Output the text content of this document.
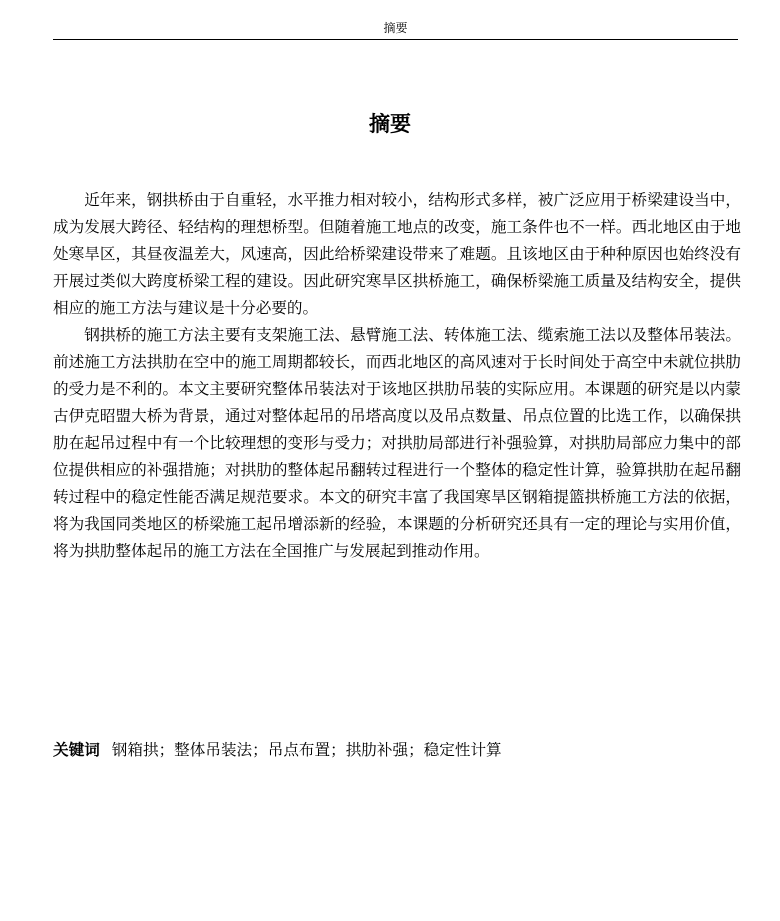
摘要
摘要

近年来，钢拱桥由于自重轻，水平推力相对较小，结构形式多样，被广泛应用于桥梁建设当中，成为发展大跨径、轻结构的理想桥型。但随着施工地点的改变，施工条件也不一样。西北地区由于地处寒旱区，其昼夜温差大，风速高，因此给桥梁建设带来了难题。且该地区由于种种原因也始终没有开展过类似大跨度桥梁工程的建设。因此研究寒旱区拱桥施工，确保桥梁施工质量及结构安全，提供相应的施工方法与建议是十分必要的。

钢拱桥的施工方法主要有支架施工法、悬臂施工法、转体施工法、缆索施工法以及整体吊装法。前述施工方法拱肋在空中的施工周期都较长，而西北地区的高风速对于长时间处于高空中未就位拱肋的受力是不利的。本文主要研究整体吊装法对于该地区拱肋吊装的实际应用。本课题的研究是以内蒙古伊克昭盟大桥为背景，通过对整体起吊的吊塔高度以及吊点数量、吊点位置的比选工作，以确保拱肋在起吊过程中有一个比较理想的变形与受力；对拱肋局部进行补强验算，对拱肋局部应力集中的部位提供相应的补强措施；对拱肋的整体起吊翻转过程进行一个整体的稳定性计算，验算拱肋在起吊翻转过程中的稳定性能否满足规范要求。本文的研究丰富了我国寒旱区钢箱提篮拱桥施工方法的依据，将为我国同类地区的桥梁施工起吊增添新的经验，本课题的分析研究还具有一定的理论与实用价值，将为拱肋整体起吊的施工方法在全国推广与发展起到推动作用。

关键词 钢箱拱；整体吊装法；吊点布置；拱肋补强；稳定性计算
